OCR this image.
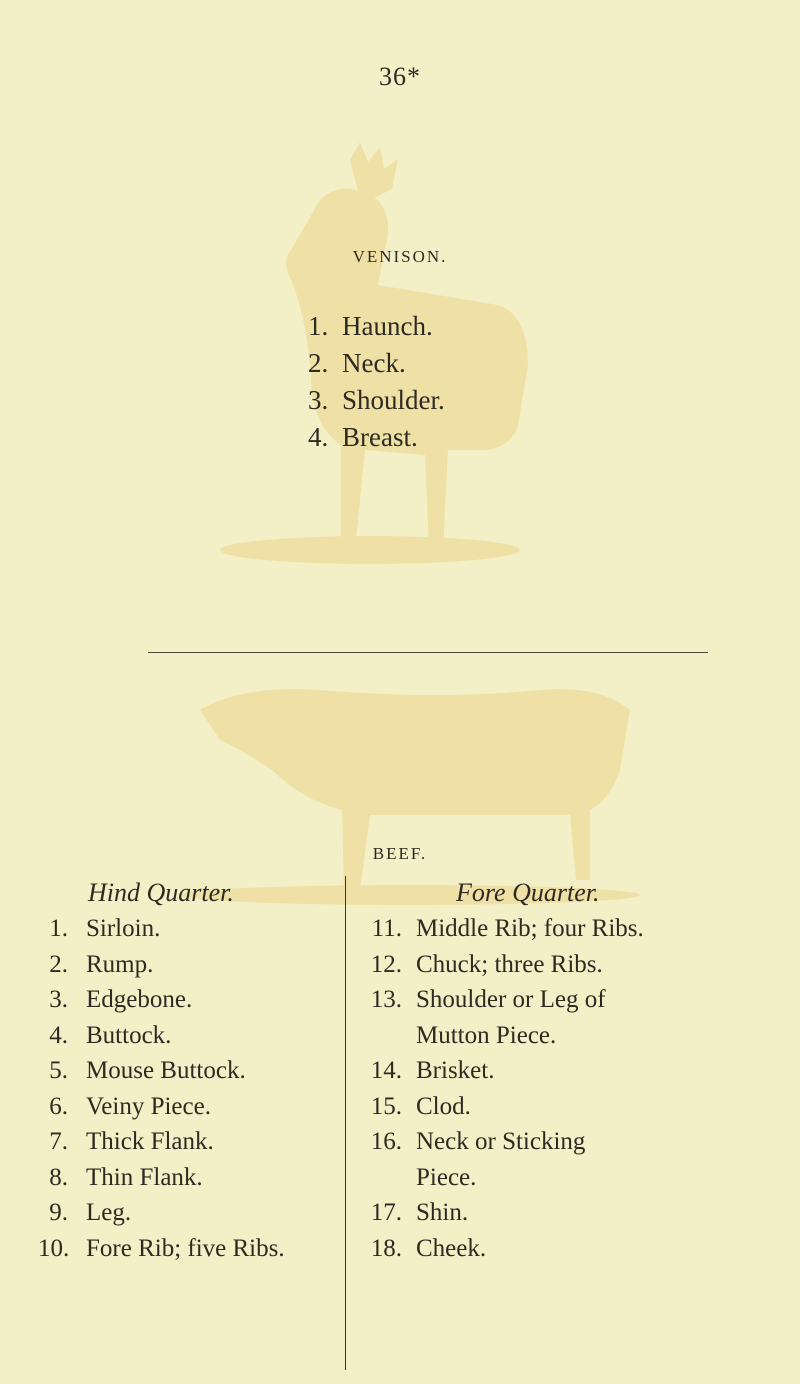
36*
VENISON.
1. Haunch.
2. Neck.
3. Shoulder.
4. Breast.
BEEF.
Hind Quarter.
1. Sirloin.
2. Rump.
3. Edgebone.
4. Buttock.
5. Mouse Buttock.
6. Veiny Piece.
7. Thick Flank.
8. Thin Flank.
9. Leg.
10. Fore Rib; five Ribs.
Fore Quarter.
11. Middle Rib; four Ribs.
12. Chuck; three Ribs.
13. Shoulder or Leg of
Mutton Piece.
14. Brisket.
15. Clod.
16. Neck or Sticking
Piece.
17. Shin.
18. Cheek.
